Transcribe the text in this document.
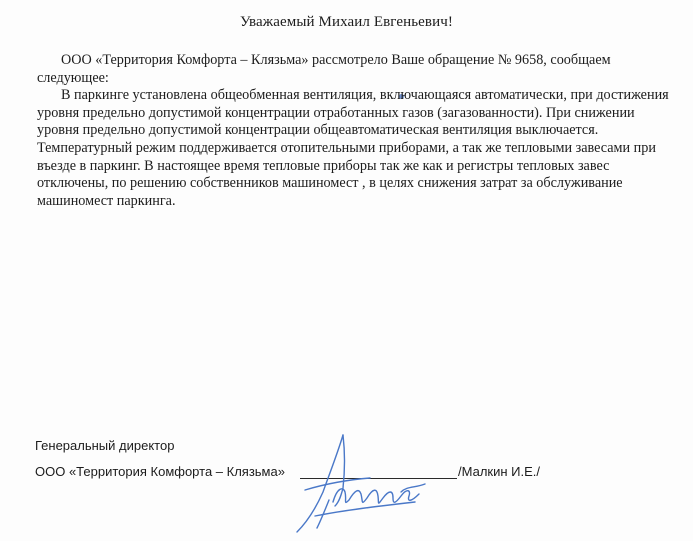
Уважаемый Михаил Евгеньевич!

ООО «Территория Комфорта – Клязьма» рассмотрело Ваше обращение № 9658, сообщаем следующее:

В паркинге установлена общеобменная вентиляция, включающаяся автоматически, при достижения уровня предельно допустимой концентрации отработанных газов (загазованности). При снижении уровня предельно допустимой концентрации общеавтоматическая вентиляция выключается. Температурный режим поддерживается отопительными приборами, а так же тепловыми завесами при въезде в паркинг. В настоящее время тепловые приборы так же как и регистры тепловых завес отключены, по решению собственников машиномест , в целях снижения затрат за обслуживание машиномест паркинга.

Генеральный директор
ООО «Территория Комфорта – Клязьма»	/Малкин И.Е./
